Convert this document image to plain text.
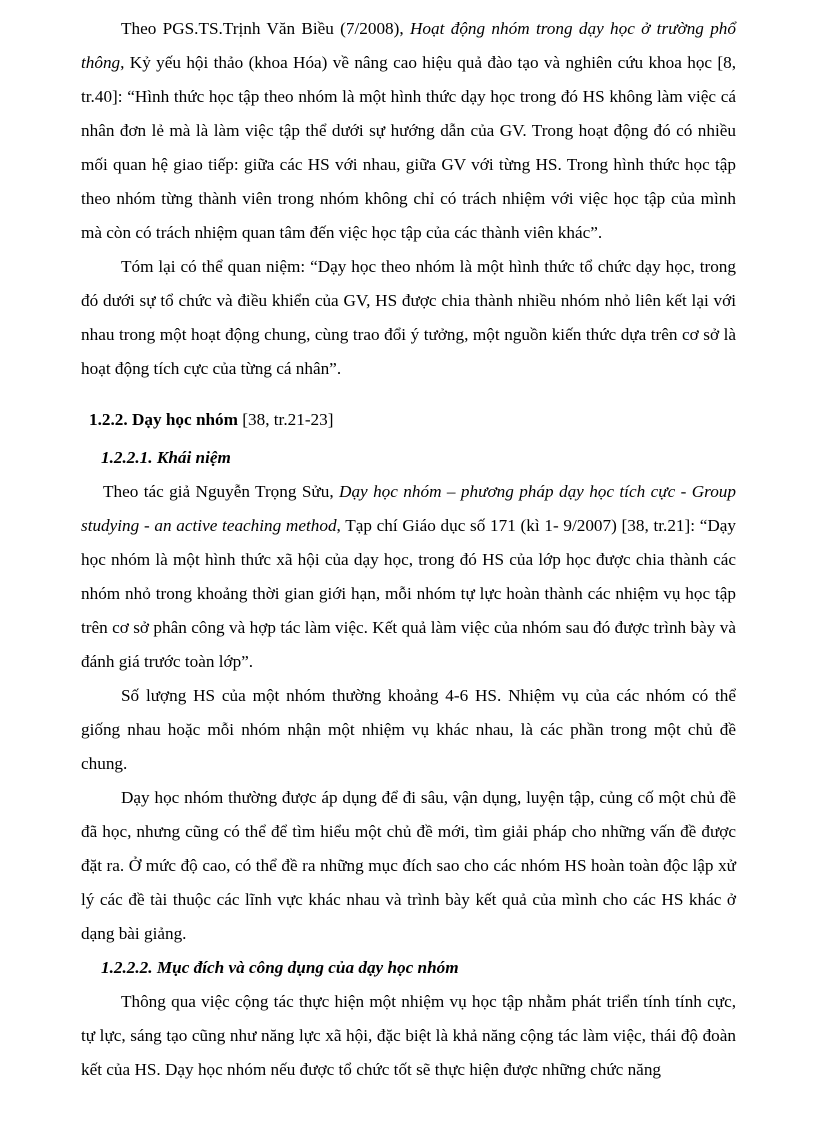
Theo PGS.TS.Trịnh Văn Biều (7/2008), Hoạt động nhóm trong dạy học ở trường phổ thông, Kỷ yếu hội thảo (khoa Hóa) về nâng cao hiệu quả đào tạo và nghiên cứu khoa học [8, tr.40]: “Hình thức học tập theo nhóm là một hình thức dạy học trong đó HS không làm việc cá nhân đơn lẻ mà là làm việc tập thể dưới sự hướng dẫn của GV. Trong hoạt động đó có nhiều mối quan hệ giao tiếp: giữa các HS với nhau, giữa GV với từng HS. Trong hình thức học tập theo nhóm từng thành viên trong nhóm không chỉ có trách nhiệm với việc học tập của mình mà còn có trách nhiệm quan tâm đến việc học tập của các thành viên khác”.

Tóm lại có thể quan niệm: “Dạy học theo nhóm là một hình thức tổ chức dạy học, trong đó dưới sự tổ chức và điều khiển của GV, HS được chia thành nhiều nhóm nhỏ liên kết lại với nhau trong một hoạt động chung, cùng trao đổi ý tưởng, một nguồn kiến thức dựa trên cơ sở là hoạt động tích cực của từng cá nhân”.

1.2.2. Dạy học nhóm [38, tr.21-23]

1.2.2.1. Khái niệm

Theo tác giả Nguyễn Trọng Sửu, Dạy học nhóm – phương pháp dạy học tích cực - Group studying - an active teaching method, Tạp chí Giáo dục số 171 (kì 1- 9/2007) [38, tr.21]: “Dạy học nhóm là một hình thức xã hội của dạy học, trong đó HS của lớp học được chia thành các nhóm nhỏ trong khoảng thời gian giới hạn, mỗi nhóm tự lực hoàn thành các nhiệm vụ học tập trên cơ sở phân công và hợp tác làm việc. Kết quả làm việc của nhóm sau đó được trình bày và đánh giá trước toàn lớp”.

Số lượng HS của một nhóm thường khoảng 4-6 HS. Nhiệm vụ của các nhóm có thể giống nhau hoặc mỗi nhóm nhận một nhiệm vụ khác nhau, là các phần trong một chủ đề chung.

Dạy học nhóm thường được áp dụng để đi sâu, vận dụng, luyện tập, củng cố một chủ đề đã học, nhưng cũng có thể để tìm hiểu một chủ đề mới, tìm giải pháp cho những vấn đề được đặt ra. Ở mức độ cao, có thể đề ra những mục đích sao cho các nhóm HS hoàn toàn độc lập xử lý các đề tài thuộc các lĩnh vực khác nhau và trình bày kết quả của mình cho các HS khác ở dạng bài giảng.

1.2.2.2. Mục đích và công dụng của dạy học nhóm

Thông qua việc cộng tác thực hiện một nhiệm vụ học tập nhằm phát triển tính tính cực, tự lực, sáng tạo cũng như năng lực xã hội, đặc biệt là khả năng cộng tác làm việc, thái độ đoàn kết của HS. Dạy học nhóm nếu được tổ chức tốt sẽ thực hiện được những chức năng
